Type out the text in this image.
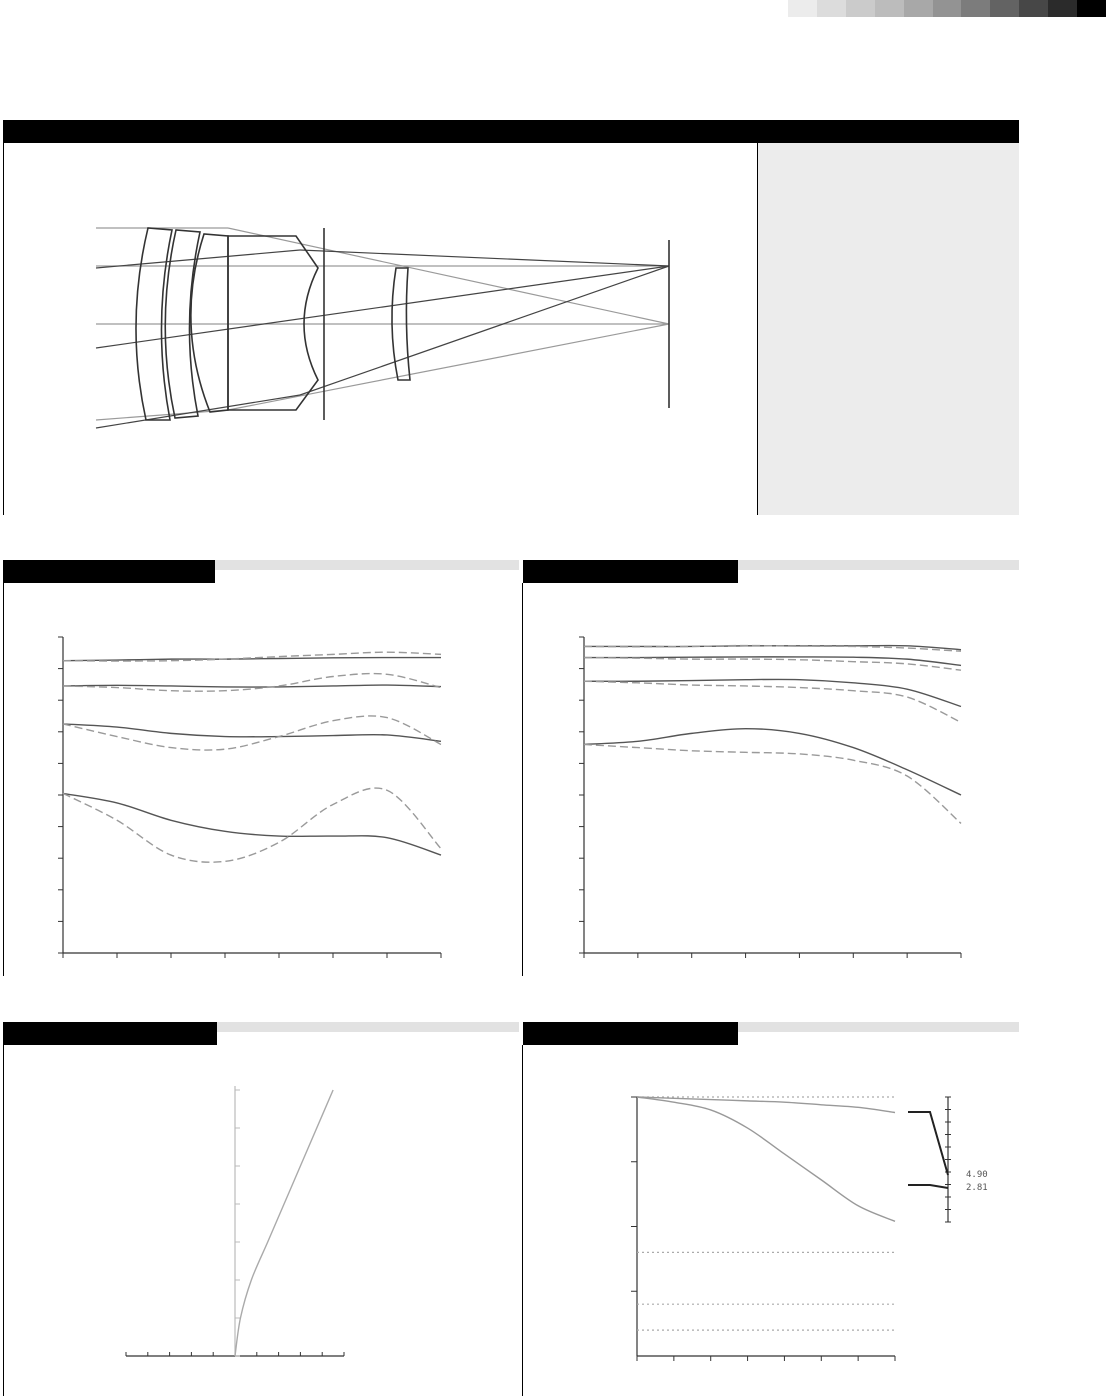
4.90
2.81
